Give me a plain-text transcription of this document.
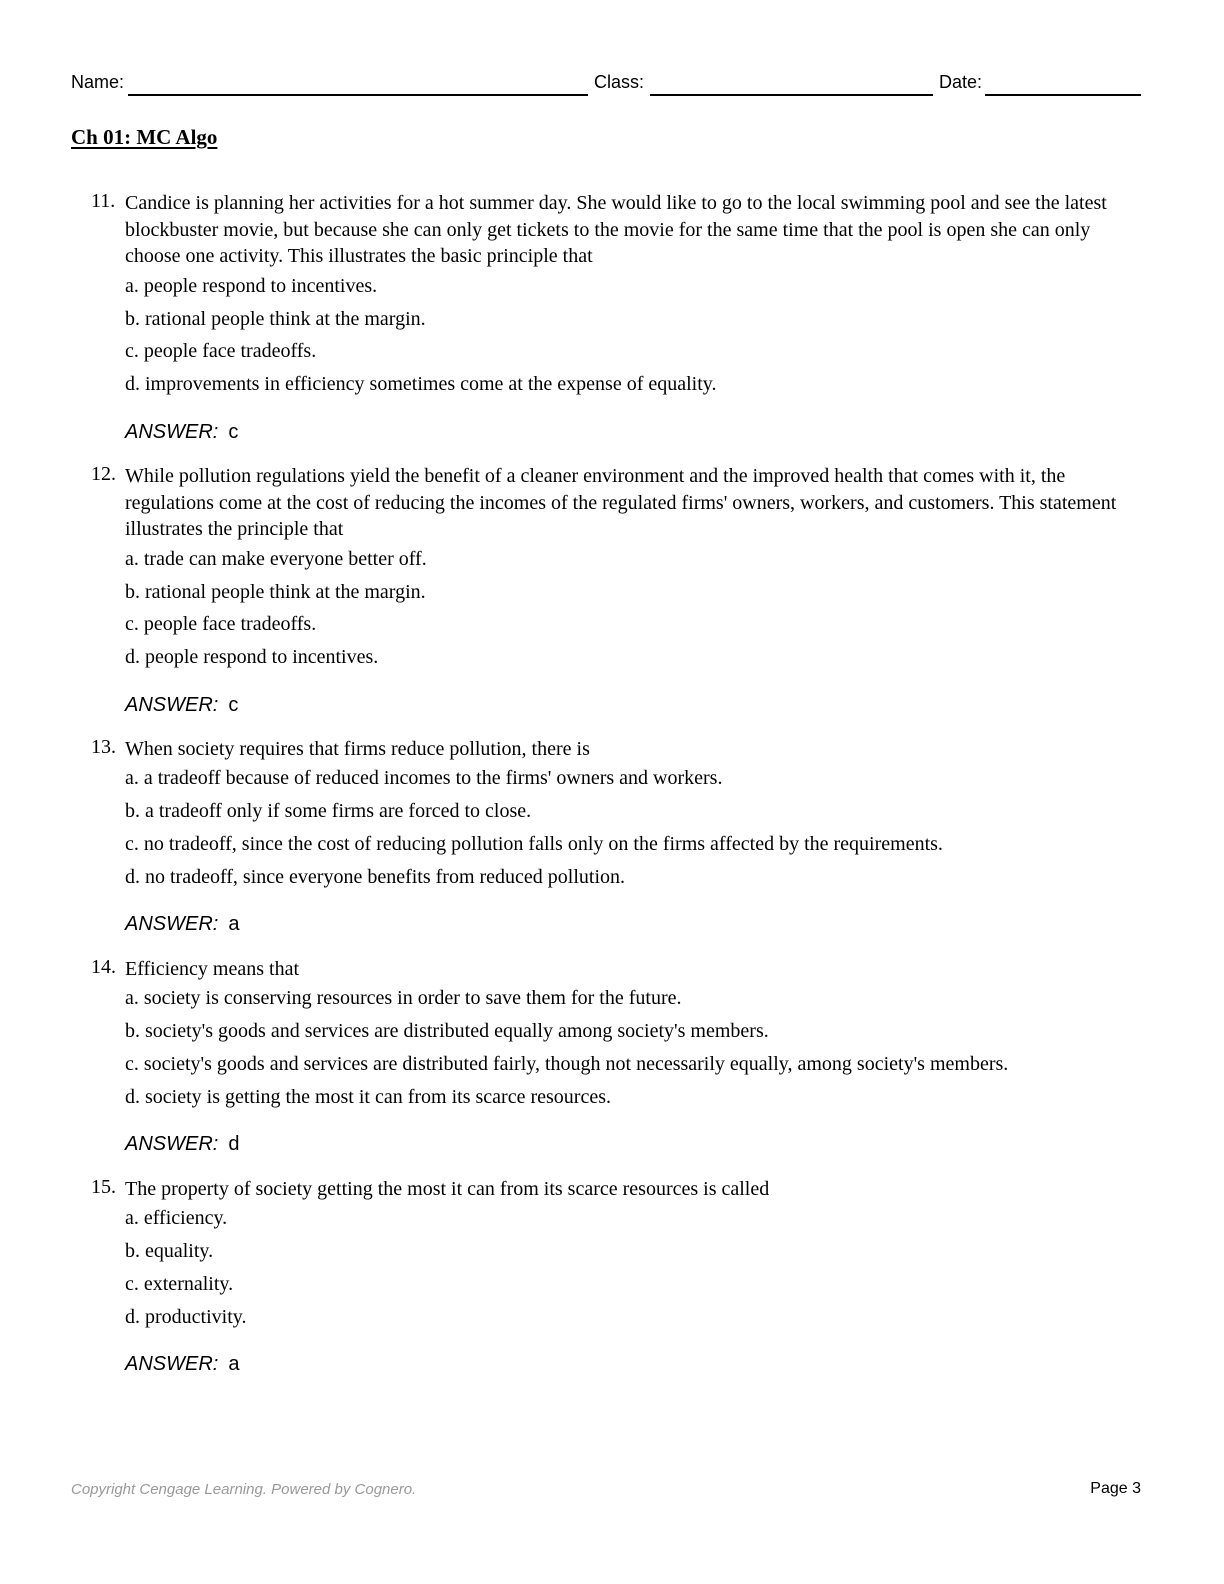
Name:	Class:	Date:
Ch 01: MC Algo
11. Candice is planning her activities for a hot summer day. She would like to go to the local swimming pool and see the latest blockbuster movie, but because she can only get tickets to the movie for the same time that the pool is open she can only choose one activity. This illustrates the basic principle that
a. people respond to incentives.
b. rational people think at the margin.
c. people face tradeoffs.
d. improvements in efficiency sometimes come at the expense of equality.
ANSWER: c
12. While pollution regulations yield the benefit of a cleaner environment and the improved health that comes with it, the regulations come at the cost of reducing the incomes of the regulated firms' owners, workers, and customers. This statement illustrates the principle that
a. trade can make everyone better off.
b. rational people think at the margin.
c. people face tradeoffs.
d. people respond to incentives.
ANSWER: c
13. When society requires that firms reduce pollution, there is
a. a tradeoff because of reduced incomes to the firms' owners and workers.
b. a tradeoff only if some firms are forced to close.
c. no tradeoff, since the cost of reducing pollution falls only on the firms affected by the requirements.
d. no tradeoff, since everyone benefits from reduced pollution.
ANSWER: a
14. Efficiency means that
a. society is conserving resources in order to save them for the future.
b. society's goods and services are distributed equally among society's members.
c. society's goods and services are distributed fairly, though not necessarily equally, among society's members.
d. society is getting the most it can from its scarce resources.
ANSWER: d
15. The property of society getting the most it can from its scarce resources is called
a. efficiency.
b. equality.
c. externality.
d. productivity.
ANSWER: a
Copyright Cengage Learning. Powered by Cognero.	Page 3
